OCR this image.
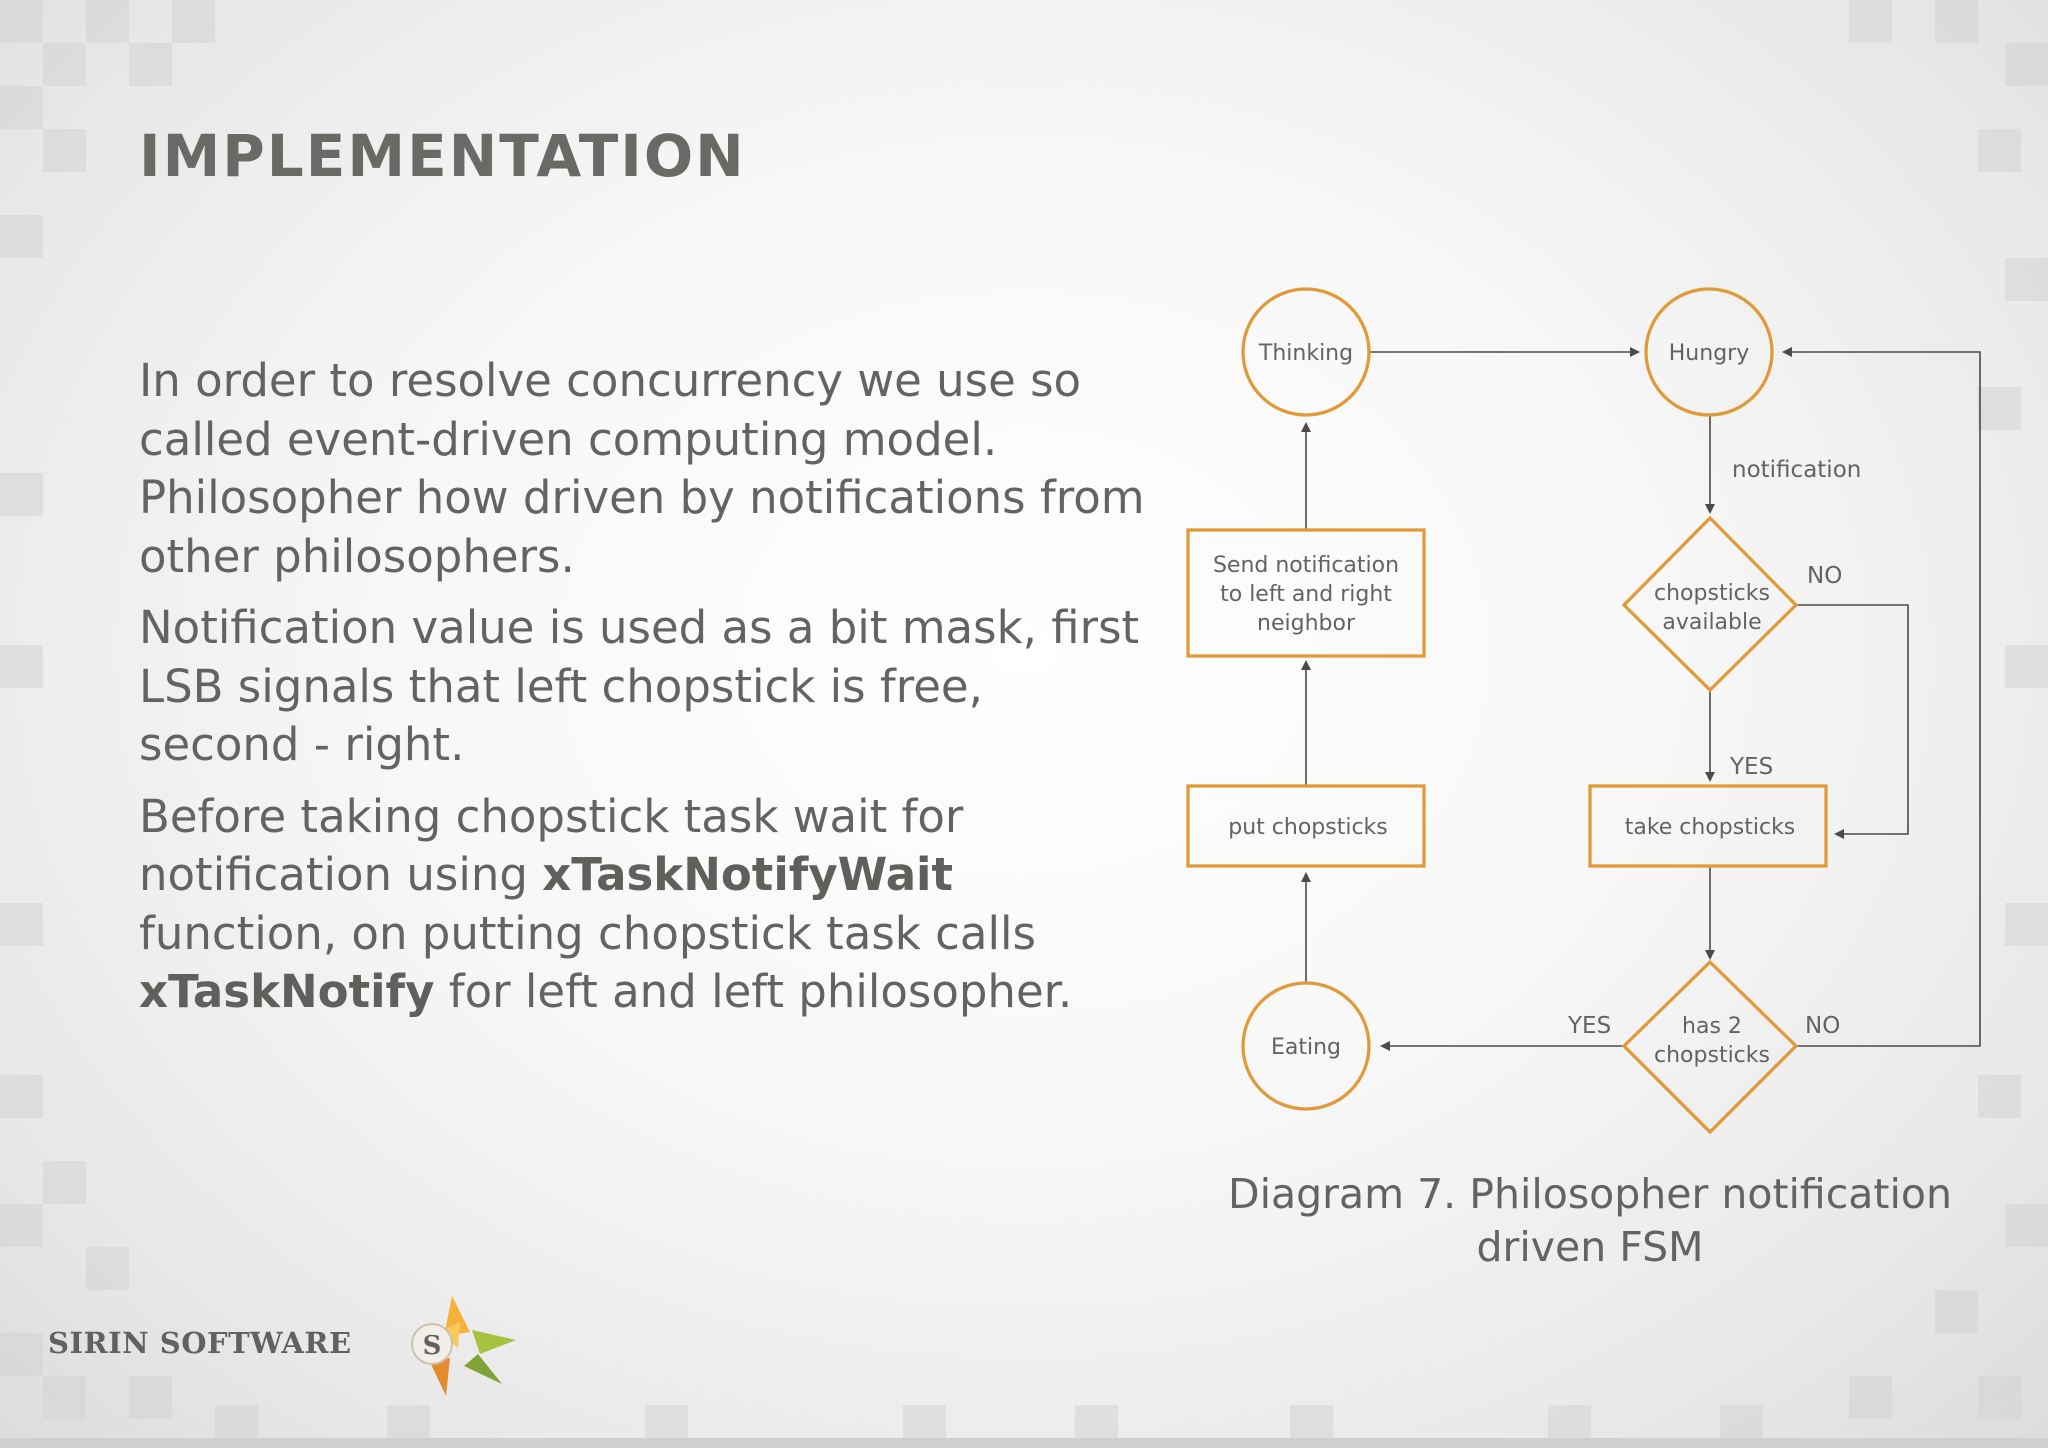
IMPLEMENTATION

In order to resolve concurrency we use so called event-driven computing model. Philosopher how driven by notifications from other philosophers.

Notification value is used as a bit mask, first LSB signals that left chopstick is free, second - right.

Before taking chopstick task wait for notification using xTaskNotifyWait function, on putting chopstick task calls xTaskNotify for left and left philosopher.

Thinking	Hungry
Send notification
to left and right
neighbor
chopsticks
available
put chopsticks	take chopsticks
Eating
has 2
chopsticks
notification
NO
YES
YES	NO
Diagram 7. Philosopher notification driven FSM
SIRIN SOFTWARE	S
